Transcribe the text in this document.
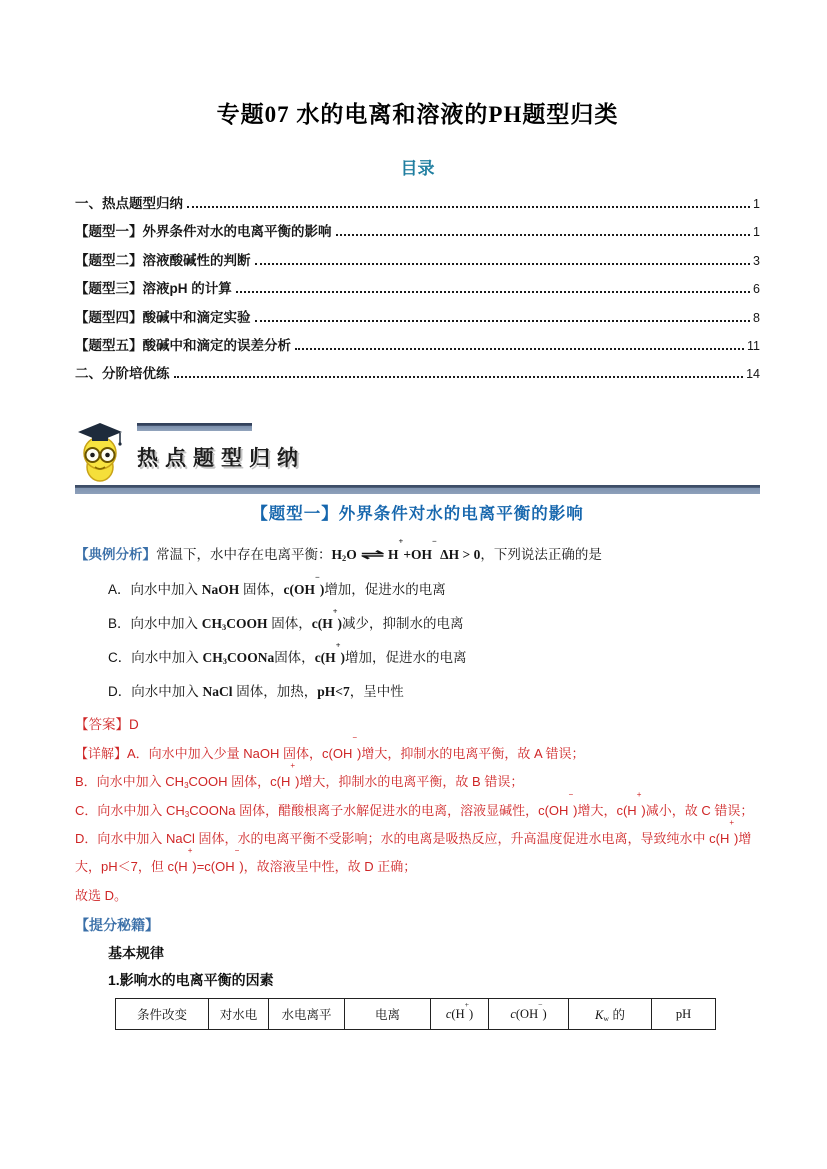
专题07 水的电离和溶液的PH题型归类
目录
一、热点题型归纳	1
【题型一】外界条件对水的电离平衡的影响	1
【题型二】溶液酸碱性的判断	3
【题型三】溶液pH 的计算	6
【题型四】酸碱中和滴定实验	8
【题型五】酸碱中和滴定的误差分析	11
二、分阶培优练	14
热点题型归纳
【题型一】外界条件对水的电离平衡的影响
【典例分析】常温下，水中存在电离平衡：$H_2O$ ⇌ H++OH− ΔH > 0，下列说法正确的是
A．向水中加入 NaOH 固体，c(OH−)增加，促进水的电离
B．向水中加入 $CH_3COOH$ 固体，c(H+)减少，抑制水的电离
C．向水中加入 $CH_3COONa$固体，c(H+)增加，促进水的电离
D．向水中加入 NaCl 固体，加热，pH<7，呈中性
【答案】D
【详解】A．向水中加入少量 NaOH 固体，c(OH−)增大，抑制水的电离平衡，故 A 错误；
B．向水中加入 $CH_3COOH$ 固体，c(H+)增大，抑制水的电离平衡，故 B 错误；
C．向水中加入 $CH_3COONa$ 固体，醋酸根离子水解促进水的电离，溶液显碱性，c(OH−)增大，c(H+)减小，故 C 错误；
D．向水中加入 NaCl 固体，水的电离平衡不受影响；水的电离是吸热反应，升高温度促进水电离，导致纯水中 c(H+)增大，pH＜7，但 c(H+)=c(OH−)，故溶液呈中性，故 D 正确；
故选 D。
【提分秘籍】
基本规律
1.影响水的电离平衡的因素
条件改变	对水电	水电离平	电离	c(H+)	c(OH−)	$K_w$ 的	pH
